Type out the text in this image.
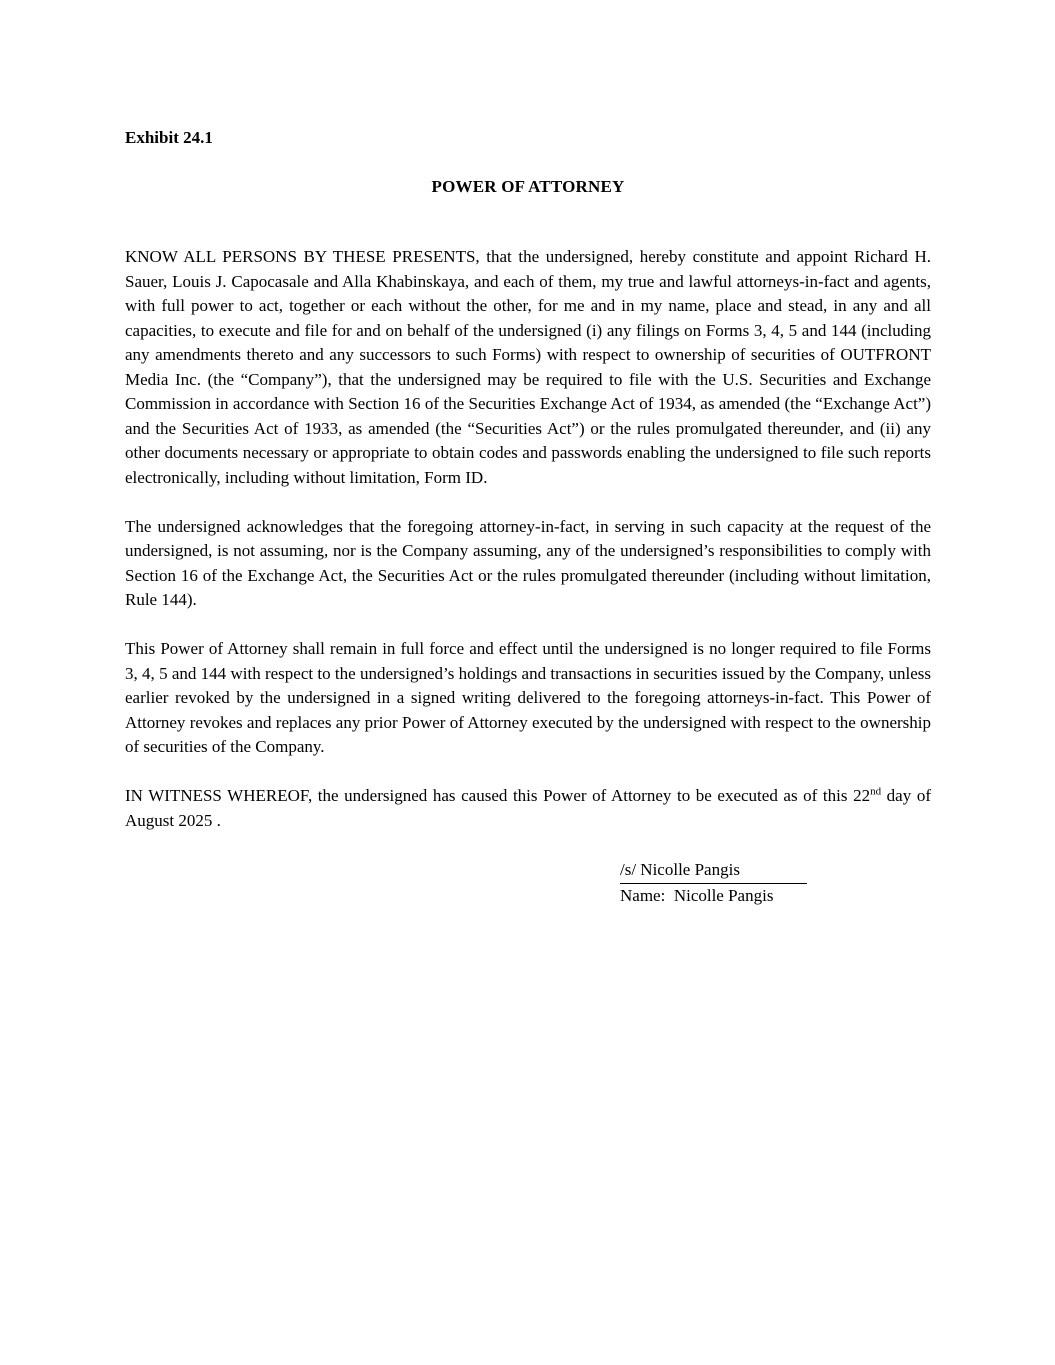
Exhibit 24.1

POWER OF ATTORNEY

KNOW ALL PERSONS BY THESE PRESENTS, that the undersigned, hereby constitute and appoint Richard H. Sauer, Louis J. Capocasale and Alla Khabinskaya, and each of them, my true and lawful attorneys-in-fact and agents, with full power to act, together or each without the other, for me and in my name, place and stead, in any and all capacities, to execute and file for and on behalf of the undersigned (i) any filings on Forms 3, 4, 5 and 144 (including any amendments thereto and any successors to such Forms) with respect to ownership of securities of OUTFRONT Media Inc. (the “Company”), that the undersigned may be required to file with the U.S. Securities and Exchange Commission in accordance with Section 16 of the Securities Exchange Act of 1934, as amended (the “Exchange Act”) and the Securities Act of 1933, as amended (the “Securities Act”) or the rules promulgated thereunder, and (ii) any other documents necessary or appropriate to obtain codes and passwords enabling the undersigned to file such reports electronically, including without limitation, Form ID.

The undersigned acknowledges that the foregoing attorney-in-fact, in serving in such capacity at the request of the undersigned, is not assuming, nor is the Company assuming, any of the undersigned’s responsibilities to comply with Section 16 of the Exchange Act, the Securities Act or the rules promulgated thereunder (including without limitation, Rule 144).

This Power of Attorney shall remain in full force and effect until the undersigned is no longer required to file Forms 3, 4, 5 and 144 with respect to the undersigned’s holdings and transactions in securities issued by the Company, unless earlier revoked by the undersigned in a signed writing delivered to the foregoing attorneys-in-fact. This Power of Attorney revokes and replaces any prior Power of Attorney executed by the undersigned with respect to the ownership of securities of the Company.

IN WITNESS WHEREOF, the undersigned has caused this Power of Attorney to be executed as of this 22nd day of August 2025 .

/s/ Nicolle Pangis
Name:  Nicolle Pangis
